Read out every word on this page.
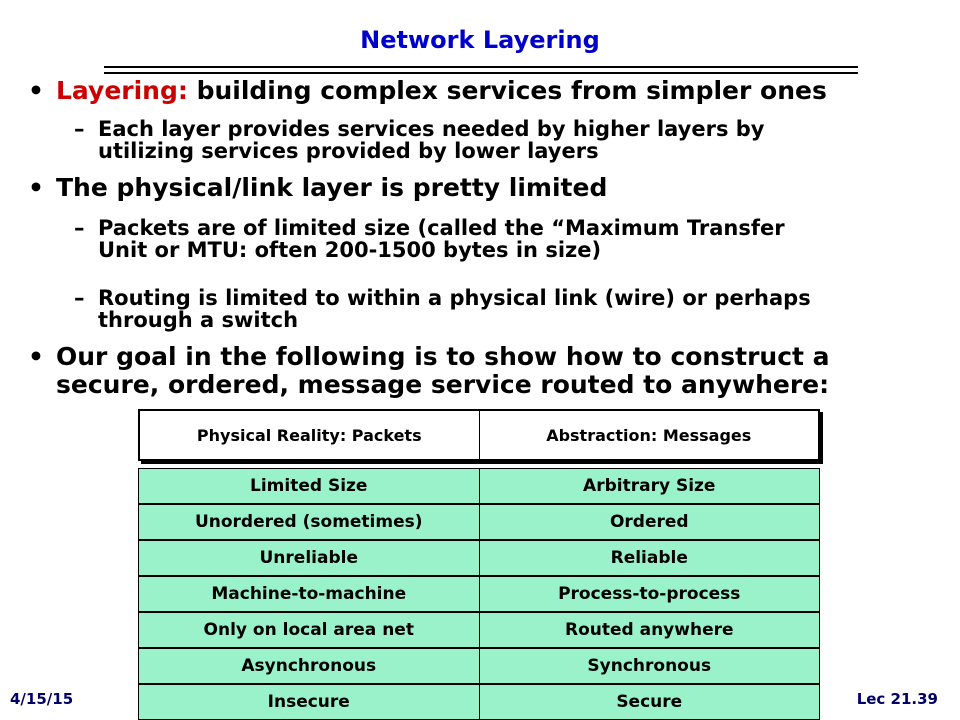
Network Layering
• Layering: building complex services from simpler ones
– Each layer provides services needed by higher layers by
utilizing services provided by lower layers
• The physical/link layer is pretty limited
– Packets are of limited size (called the “Maximum Transfer
Unit or MTU: often 200-1500 bytes in size)
– Routing is limited to within a physical link (wire) or perhaps
through a switch
• Our goal in the following is to show how to construct a
secure, ordered, message service routed to anywhere:
Physical Reality: Packets	Abstraction: Messages
Limited Size	Arbitrary Size
Unordered (sometimes)	Ordered
Unreliable	Reliable
Machine-to-machine	Process-to-process
Only on local area net	Routed anywhere
Asynchronous	Synchronous
Insecure	Secure
4/15/15	Lec 21.39
